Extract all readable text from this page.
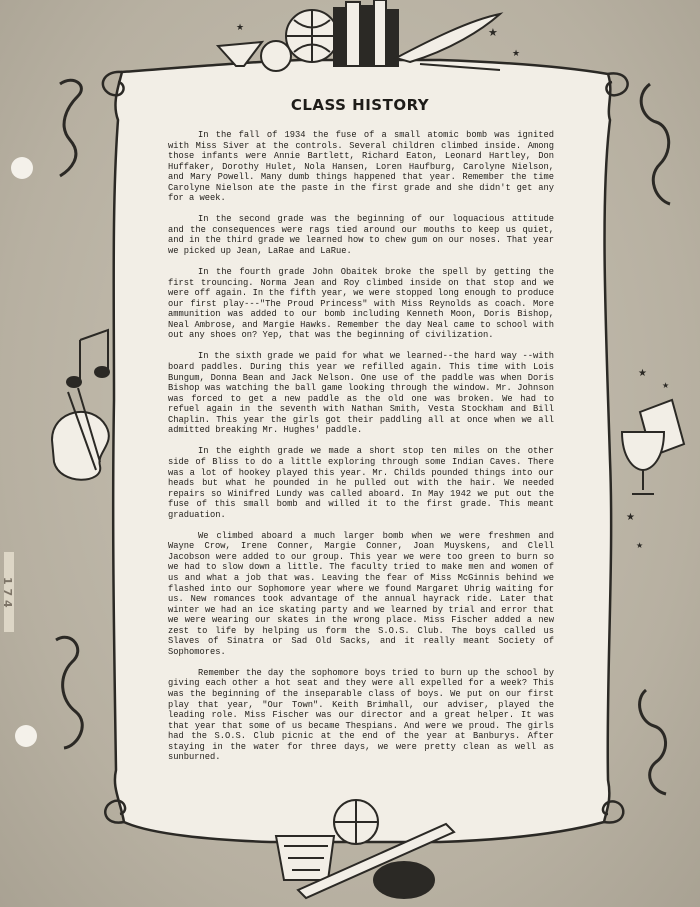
1 7 4
★
★
★
★
★
★
★
CLASS HISTORY

In the fall of 1934 the fuse of a small atomic bomb was ignited with Miss Siver at the controls. Several children climbed inside. Among those infants were Annie Bartlett, Richard Eaton, Leonard Hartley, Don Huffaker, Dorothy Hulet, Nola Hansen, Loren Haufburg, Carolyne Nielson, and Mary Powell. Many dumb things happened that year. Remember the time Carolyne Nielson ate the paste in the first grade and she didn't get any for a week.

In the second grade was the beginning of our loquacious attitude and the consequences were rags tied around our mouths to keep us quiet, and in the third grade we learned how to chew gum on our noses. That year we picked up Jean, LaRae and LaRue.

In the fourth grade John Obaitek broke the spell by getting the first trouncing. Norma Jean and Roy climbed inside on that stop and we were off again. In the fifth year, we were stopped long enough to produce our first play---"The Proud Princess" with Miss Reynolds as coach. More ammunition was added to our bomb including Kenneth Moon, Doris Bishop, Neal Ambrose, and Margie Hawks. Remember the day Neal came to school with out any shoes on? Yep, that was the beginning of civilization.

In the sixth grade we paid for what we learned--the hard way --with board paddles. During this year we refilled again. This time with Lois Bungum, Donna Bean and Jack Nelson. One use of the paddle was when Doris Bishop was watching the ball game looking through the window. Mr. Johnson was forced to get a new paddle as the old one was broken. We had to refuel again in the seventh with Nathan Smith, Vesta Stockham and Bill Chaplin. This year the girls got their paddling all at once when we all admitted breaking Mr. Hughes' paddle.

In the eighth grade we made a short stop ten miles on the other side of Bliss to do a little exploring through some Indian Caves. There was a lot of hookey played this year. Mr. Childs pounded things into our heads but what he pounded in he pulled out with the hair. We needed repairs so Winifred Lundy was called aboard. In May 1942 we put out the fuse of this small bomb and willed it to the first grade. This meant graduation.

We climbed aboard a much larger bomb when we were freshmen and Wayne Crow, Irene Conner, Margie Conner, Joan Muyskens, and Clell Jacobson were added to our group. This year we were too green to burn so we had to slow down a little. The faculty tried to make men and women of us and what a job that was. Leaving the fear of Miss McGinnis behind we flashed into our Sophomore year where we found Margaret Uhrig waiting for us. New romances took advantage of the annual hayrack ride. Later that winter we had an ice skating party and we learned by trial and error that we were wearing our skates in the wrong place. Miss Fischer added a new zest to life by helping us form the S.O.S. Club. The boys called us Slaves of Sinatra or Sad Old Sacks, and it really meant Society of Sophomores.

Remember the day the sophomore boys tried to burn up the school by giving each other a hot seat and they were all expelled for a week? This was the beginning of the inseparable class of boys. We put on our first play that year, "Our Town". Keith Brimhall, our adviser, played the leading role. Miss Fischer was our director and a great helper. It was that year that some of us became Thespians. And were we proud. The girls had the S.O.S. Club picnic at the end of the year at Banburys. After staying in the water for three days, we were pretty clean as well as sunburned.
